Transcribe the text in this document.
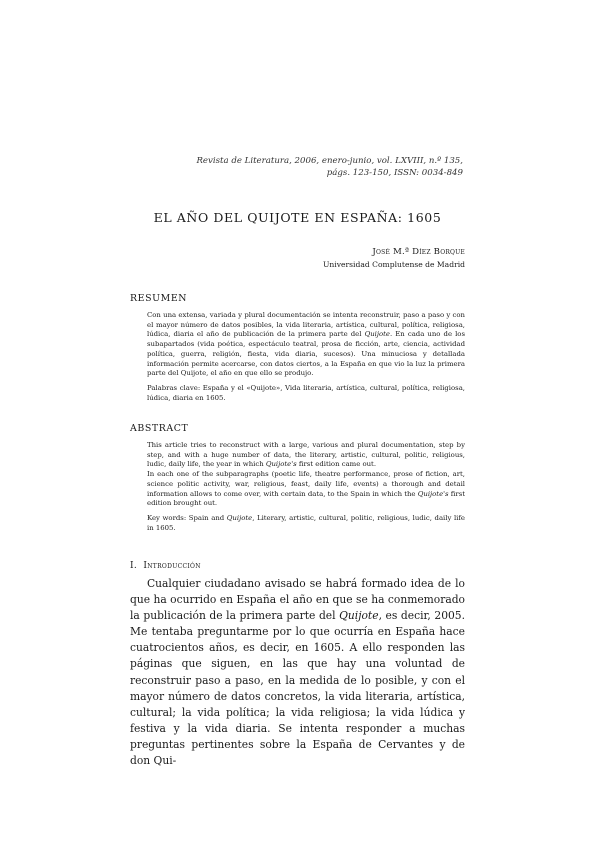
Revista de Literatura, 2006, enero-junio, vol. LXVIII, n.º 135,
págs. 123-150, ISSN: 0034-849
EL AÑO DEL QUIJOTE EN ESPAÑA: 1605
José M.ª Díez Borque
Universidad Complutense de Madrid
RESUMEN

Con una extensa, variada y plural documentación se intenta reconstruir, paso a paso y con el mayor número de datos posibles, la vida literaria, artística, cultural, política, religiosa, lúdica, diaria el año de publicación de la primera parte del Quijote. En cada uno de los subapartados (vida poética, espectáculo teatral, prosa de ficción, arte, ciencia, actividad política, guerra, religión, fiesta, vida diaria, sucesos). Una minuciosa y detallada información permite acercarse, con datos ciertos, a la España en que vio la luz la primera parte del Quijote, el año en que ello se produjo.

Palabras clave: España y el «Quijote», Vida literaria, artística, cultural, política, religiosa, lúdica, diaria en 1605.

ABSTRACT

This article tries to reconstruct with a large, various and plural documentation, step by step, and with a huge number of data, the literary, artistic, cultural, politic, religious, ludic, daily life, the year in which Quijote's first edition came out.

In each one of the subparagraphs (poetic life, theatre performance, prose of fiction, art, science politic activity, war, religious, feast, daily life, events) a thorough and detail information allows to come over, with certain data, to the Spain in which the Quijote's first edition brought out.

Key words: Spain and Quijote, Literary, artistic, cultural, politic, religious, ludic, daily life in 1605.

I. Introducción

Cualquier ciudadano avisado se habrá formado idea de lo que ha ocurrido en España el año en que se ha conmemorado la publicación de la primera parte del Quijote, es decir, 2005. Me tentaba preguntarme por lo que ocurría en España hace cuatrocientos años, es decir, en 1605. A ello responden las páginas que siguen, en las que hay una voluntad de reconstruir paso a paso, en la medida de lo posible, y con el mayor número de datos concretos, la vida literaria, artística, cultural; la vida política; la vida religiosa; la vida lúdica y festiva y la vida diaria. Se intenta responder a muchas preguntas pertinentes sobre la España de Cervantes y de don Qui-
